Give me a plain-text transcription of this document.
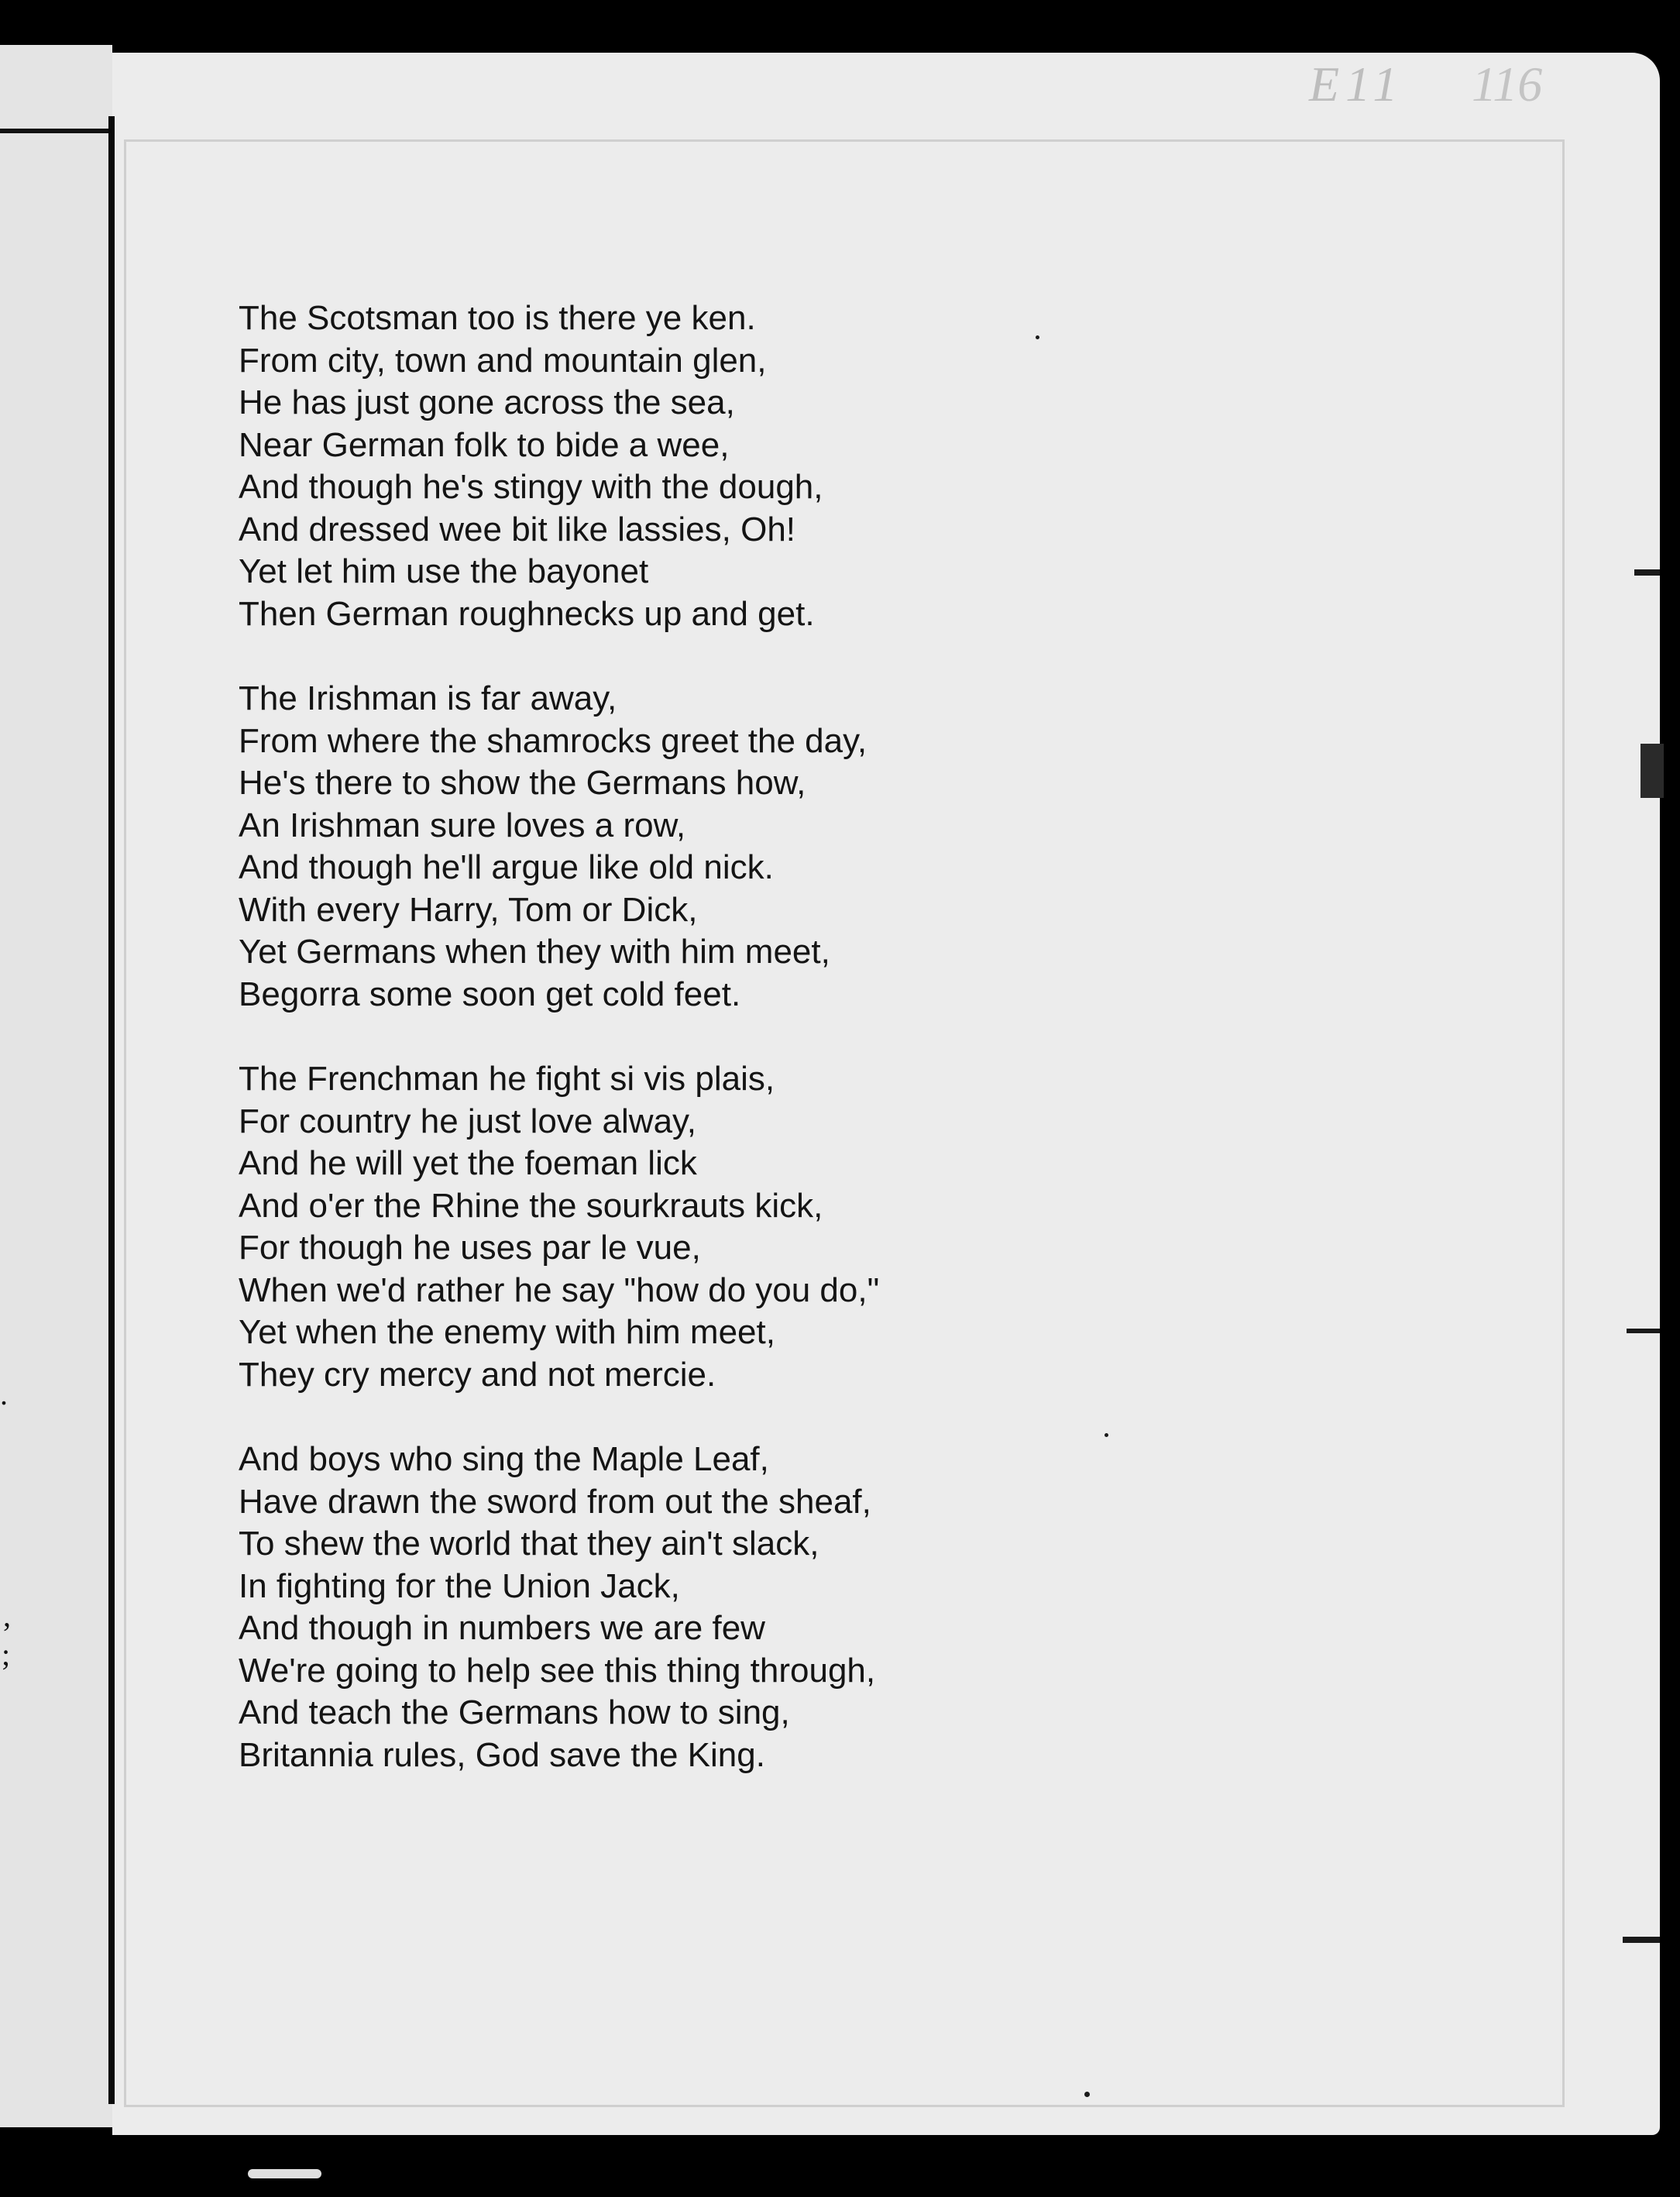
.
,
;
E11 116
The Scotsman too is there ye ken.
From city, town and mountain glen,
He has just gone across the sea,
Near German folk to bide a wee,
And though he's stingy with the dough,
And dressed wee bit like lassies, Oh!
Yet let him use the bayonet
Then German roughnecks up and get.
The Irishman is far away,
From where the shamrocks greet the day,
He's there to show the Germans how,
An Irishman sure loves a row,
And though he'll argue like old nick.
With every Harry, Tom or Dick,
Yet Germans when they with him meet,
Begorra some soon get cold feet.
The Frenchman he fight si vis plais,
For country he just love alway,
And he will yet the foeman lick
And o'er the Rhine the sourkrauts kick,
For though he uses par le vue,
When we'd rather he say "how do you do,"
Yet when the enemy with him meet,
They cry mercy and not mercie.
And boys who sing the Maple Leaf,
Have drawn the sword from out the sheaf,
To shew the world that they ain't slack,
In fighting for the Union Jack,
And though in numbers we are few
We're going to help see this thing through,
And teach the Germans how to sing,
Britannia rules, God save the King.
